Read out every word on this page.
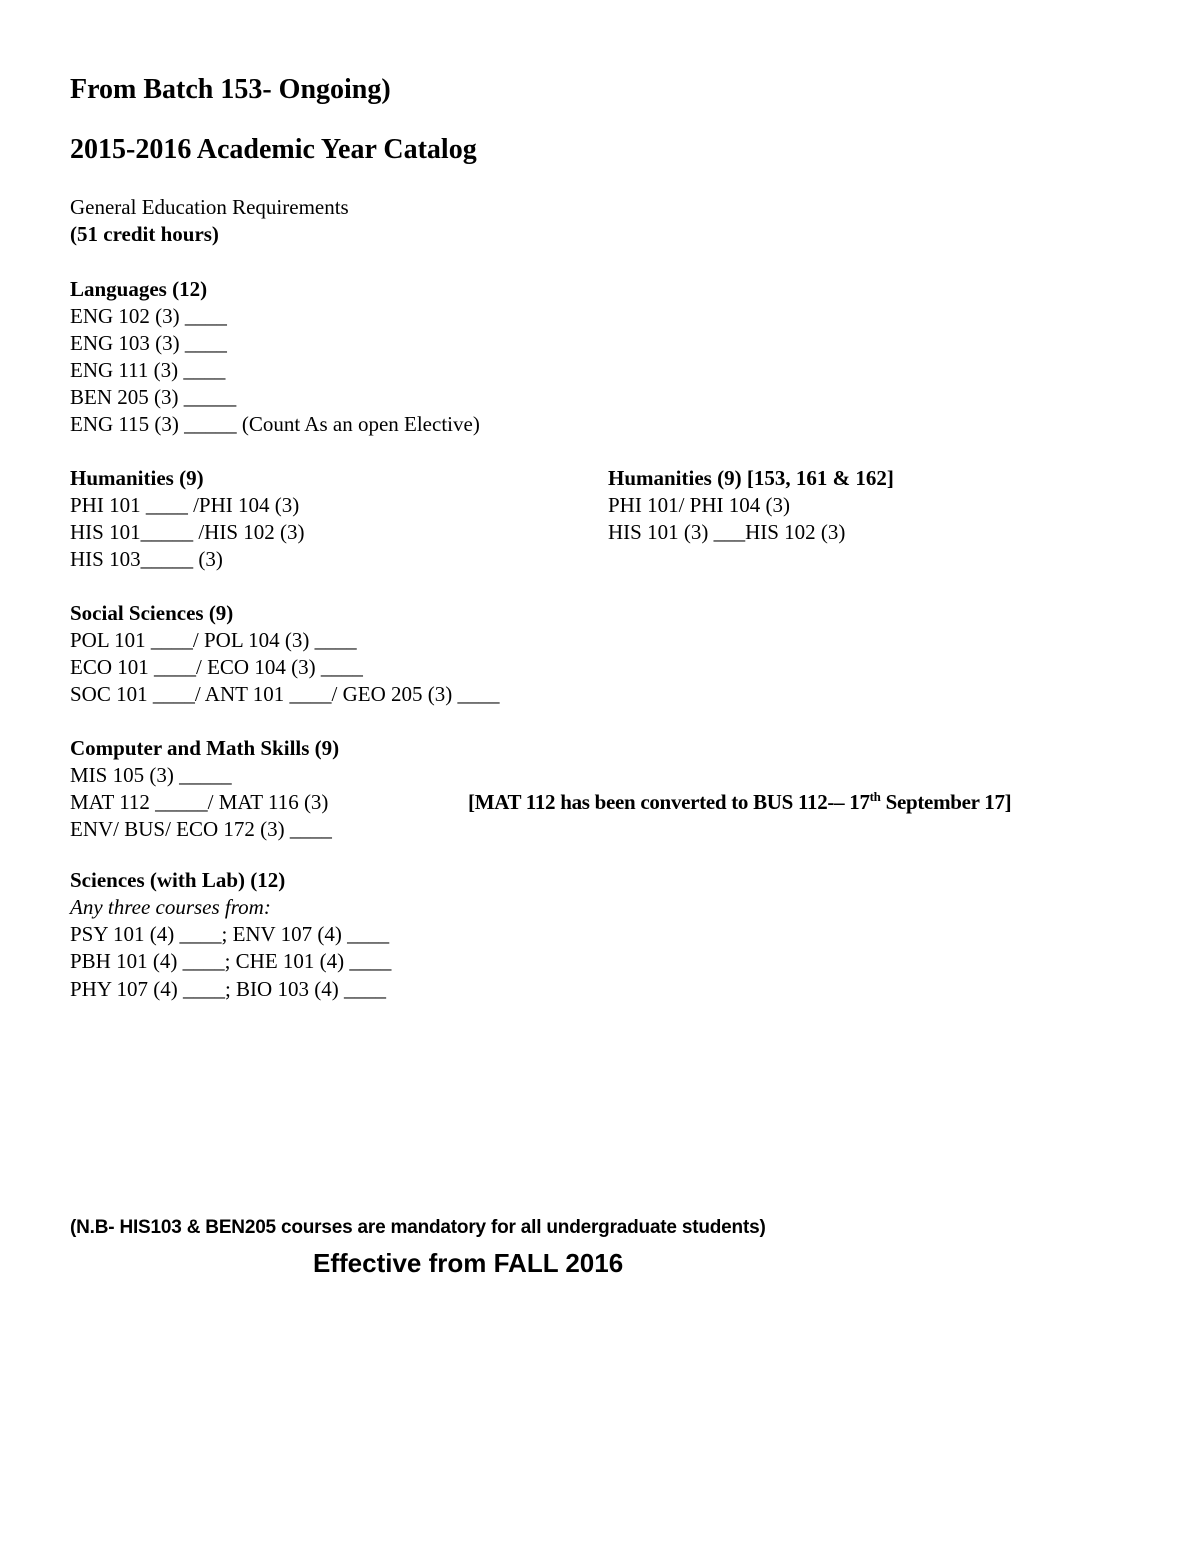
From Batch 153- Ongoing)
2015-2016 Academic Year Catalog
General Education Requirements
(51 credit hours)
Languages (12)
ENG 102 (3) ____
ENG 103 (3) ____
ENG 111 (3) ____
BEN 205 (3) _____
ENG 115 (3) _____ (Count As an open Elective)
Humanities (9)
PHI 101 ____ /PHI 104 (3)
HIS 101_____ /HIS 102 (3)
HIS 103_____ (3)
Humanities (9) [153, 161 & 162]
PHI 101/ PHI 104 (3)
HIS 101 (3) ___HIS 102 (3)
Social Sciences (9)
POL 101 ____/ POL 104 (3) ____
ECO 101 ____/ ECO 104 (3) ____
SOC 101 ____/ ANT 101 ____/ GEO 205 (3) ____
Computer and Math Skills (9)
MIS 105 (3) _____
MAT 112 _____/ MAT 116 (3)
ENV/ BUS/ ECO 172 (3) ____
[MAT 112 has been converted to BUS 112-– 17th September 17]
Sciences (with Lab) (12)
Any three courses from:
PSY 101 (4) ____; ENV 107 (4) ____
PBH 101 (4) ____; CHE 101 (4) ____
PHY 107 (4) ____; BIO 103 (4) ____
(N.B- HIS103 & BEN205 courses are mandatory for all undergraduate students)
Effective from FALL 2016
